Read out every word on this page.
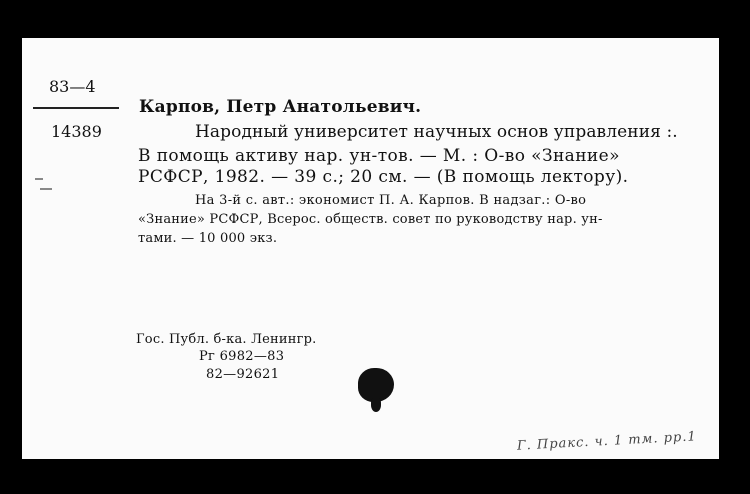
83—4
14389
Карпов, Петр Анатольевич.
Народный университет научных основ управления :.
В помощь активу нар. ун-тов. — М. : О-во «Знание»
РСФСР, 1982. — 39 с.; 20 см. — (В помощь лектору).
На 3-й с. авт.: экономист П. А. Карпов. В надзаг.: О-во
«Знание» РСФСР, Всерос. обществ. совет по руководству нар. ун-
тами. — 10 000 экз.
Гос. Публ. б-ка. Ленингр.
Рг 6982—83
82—92621
Г. Пракс. ч. 1 тм. рр.1
